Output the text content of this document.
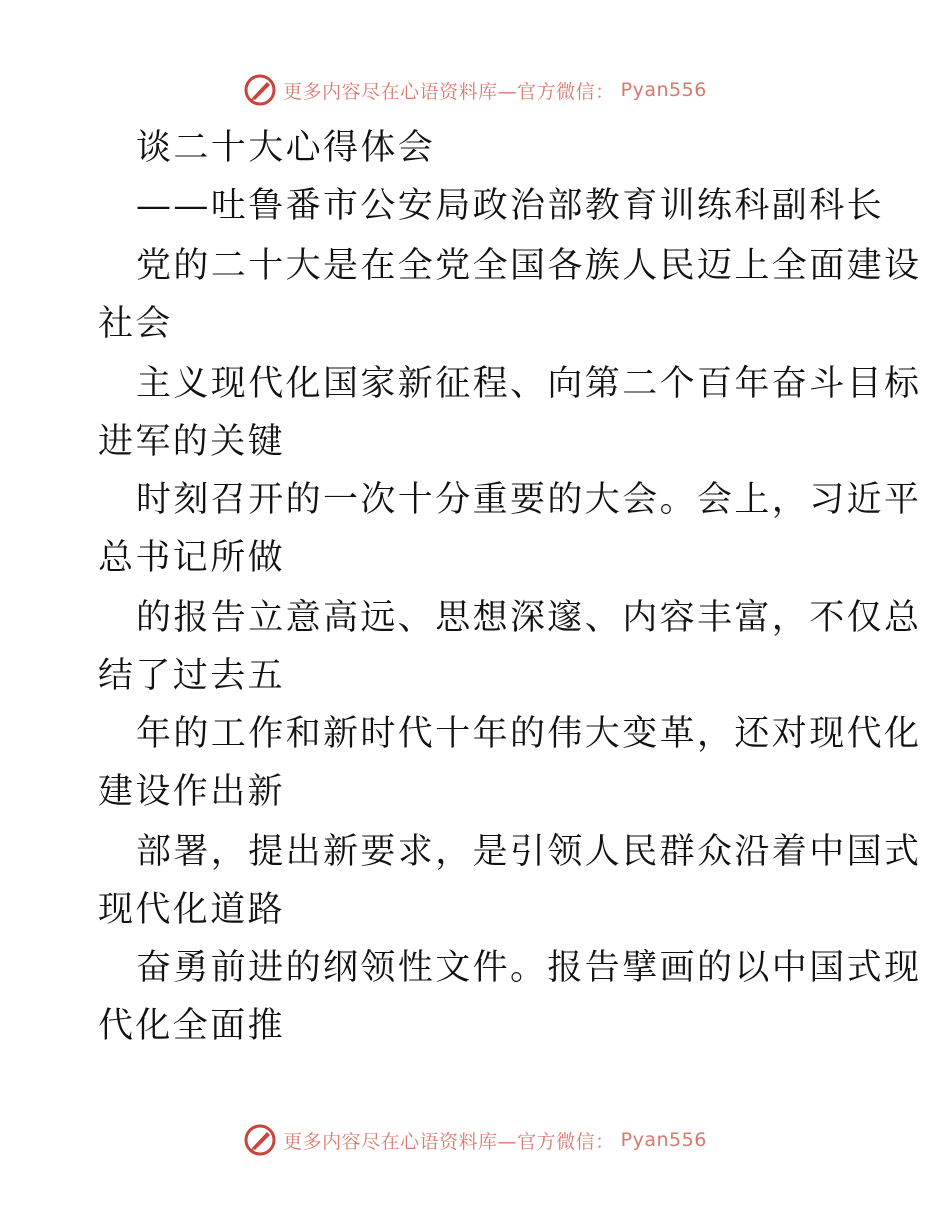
更多内容尽在心语资料库—官方微信： Pyan556
谈二十大心得体会
——吐鲁番市公安局政治部教育训练科副科长
党的二十大是在全党全国各族人民迈上全面建设
社会
主义现代化国家新征程、向第二个百年奋斗目标
进军的关键
时刻召开的一次十分重要的大会。会上，习近平
总书记所做
的报告立意高远、思想深邃、内容丰富，不仅总
结了过去五
年的工作和新时代十年的伟大变革，还对现代化
建设作出新
部署，提出新要求，是引领人民群众沿着中国式
现代化道路
奋勇前进的纲领性文件。报告擘画的以中国式现
代化全面推
更多内容尽在心语资料库—官方微信： Pyan556
